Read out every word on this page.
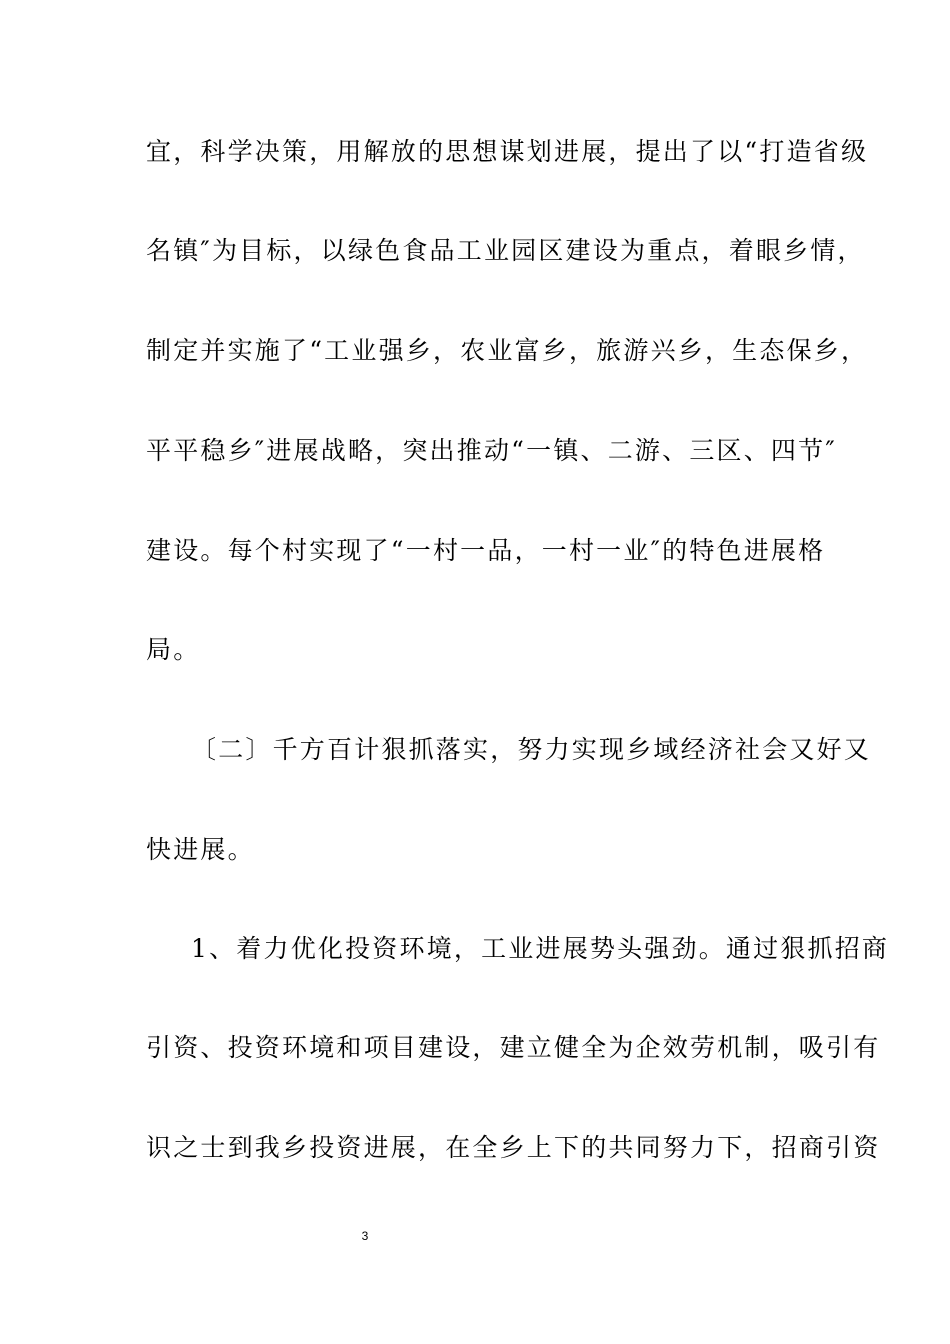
宜，科学决策，用解放的思想谋划进展，提出了以“打造省级
名镇″为目标，以绿色食品工业园区建设为重点，着眼乡情，
制定并实施了“工业强乡，农业富乡，旅游兴乡，生态保乡，
平平稳乡″进展战略，突出推动“一镇、二游、三区、四节″
建设。每个村实现了“一村一品，一村一业″的特色进展格
局。
〔二〕千方百计狠抓落实，努力实现乡域经济社会又好又
快进展。
1、着力优化投资环境，工业进展势头强劲。通过狠抓招商
引资、投资环境和项目建设，建立健全为企效劳机制，吸引有
识之士到我乡投资进展，在全乡上下的共同努力下，招商引资
3
